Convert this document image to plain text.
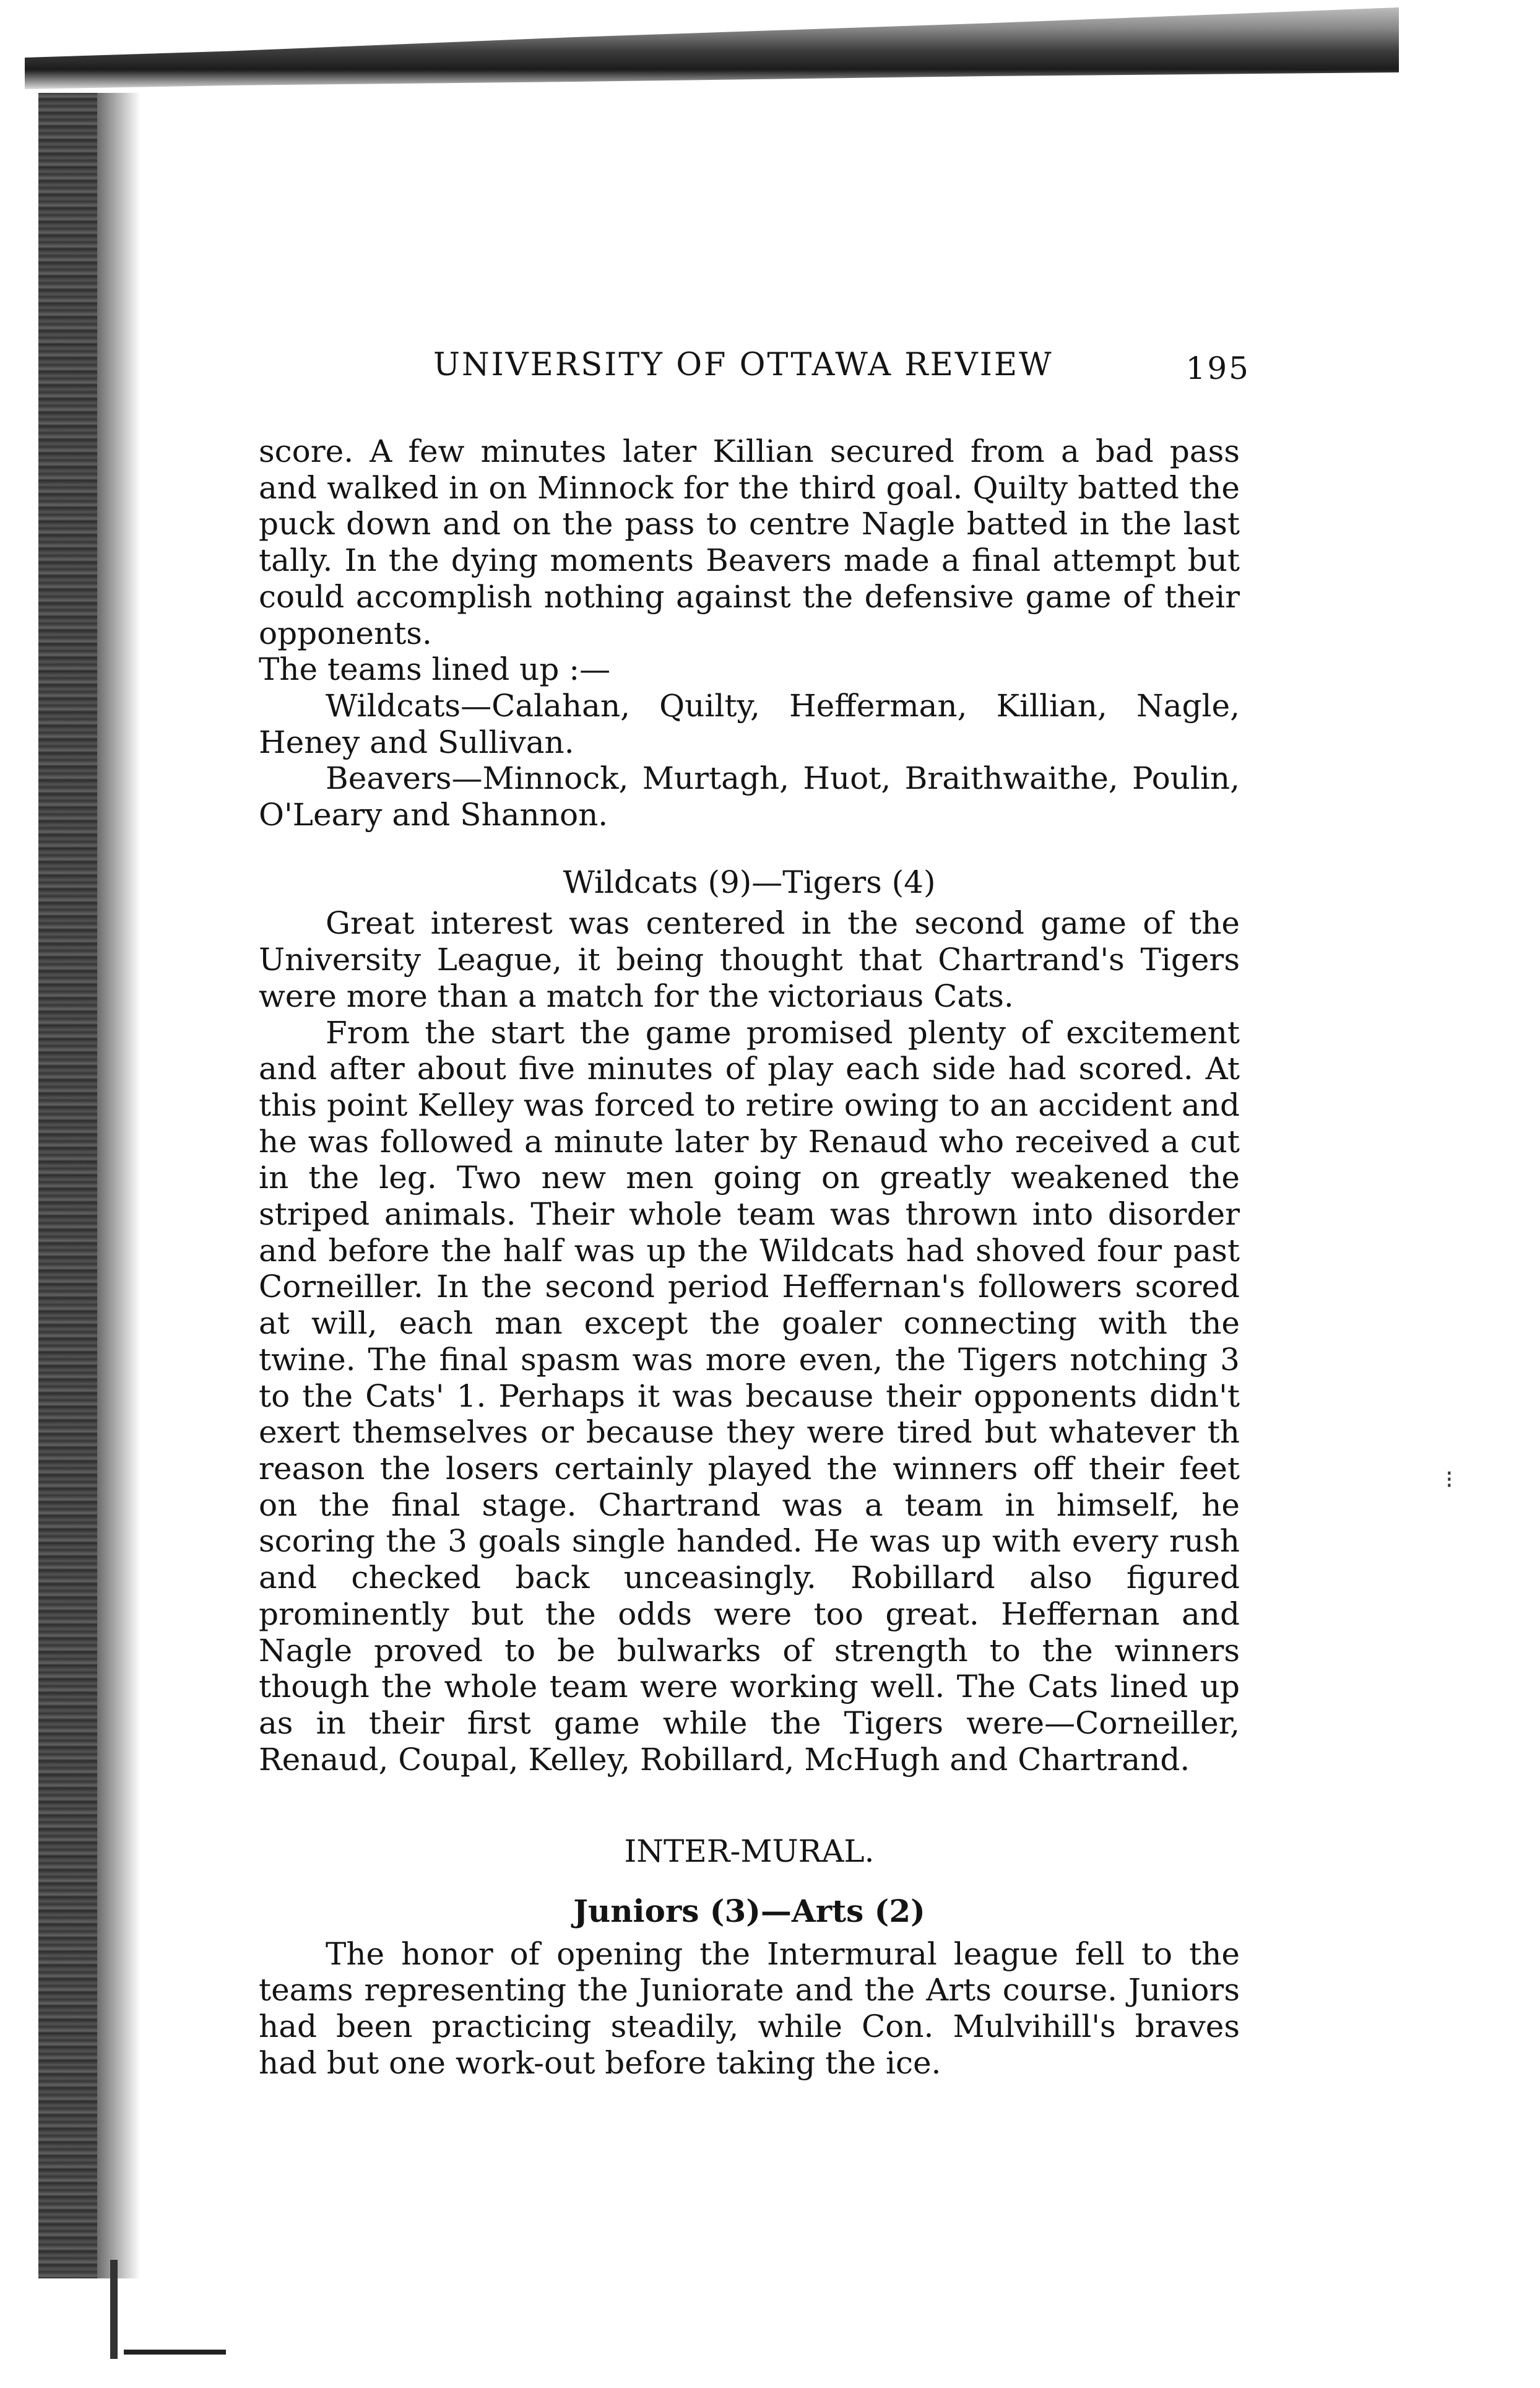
⁝
UNIVERSITY OF OTTAWA REVIEW	195

score. A few minutes later Killian secured from a bad pass and walked in on Minnock for the third goal. Quilty batted the puck down and on the pass to centre Nagle batted in the last tally. In the dying moments Beavers made a final attempt but could accomplish nothing against the defensive game of their opponents.

The teams lined up :—

Wildcats—Calahan, Quilty, Hefferman, Killian, Nagle, Heney and Sullivan.

Beavers—Minnock, Murtagh, Huot, Braithwaithe, Poulin, O'Leary and Shannon.

Wildcats (9)—Tigers (4)

Great interest was centered in the second game of the University League, it being thought that Chartrand's Tigers were more than a match for the victoriaus Cats.

From the start the game promised plenty of excitement and after about five minutes of play each side had scored. At this point Kelley was forced to retire owing to an accident and he was followed a minute later by Renaud who received a cut in the leg. Two new men going on greatly weakened the striped animals. Their whole team was thrown into disorder and before the half was up the Wildcats had shoved four past Corneiller. In the second period Heffernan's followers scored at will, each man except the goaler connecting with the twine. The final spasm was more even, the Tigers notching 3 to the Cats' 1. Perhaps it was because their opponents didn't exert themselves or because they were tired but whatever th reason the losers certainly played the winners off their feet on the final stage. Chartrand was a team in himself, he scoring the 3 goals single handed. He was up with every rush and checked back unceasingly. Robillard also figured prominently but the odds were too great. Heffernan and Nagle proved to be bulwarks of strength to the winners though the whole team were working well. The Cats lined up as in their first game while the Tigers were—Corneiller, Renaud, Coupal, Kelley, Robillard, McHugh and Chartrand.

INTER-MURAL.
Juniors (3)—Arts (2)

The honor of opening the Intermural league fell to the teams representing the Juniorate and the Arts course. Juniors had been practicing steadily, while Con. Mulvihill's braves had but one work-out before taking the ice.
